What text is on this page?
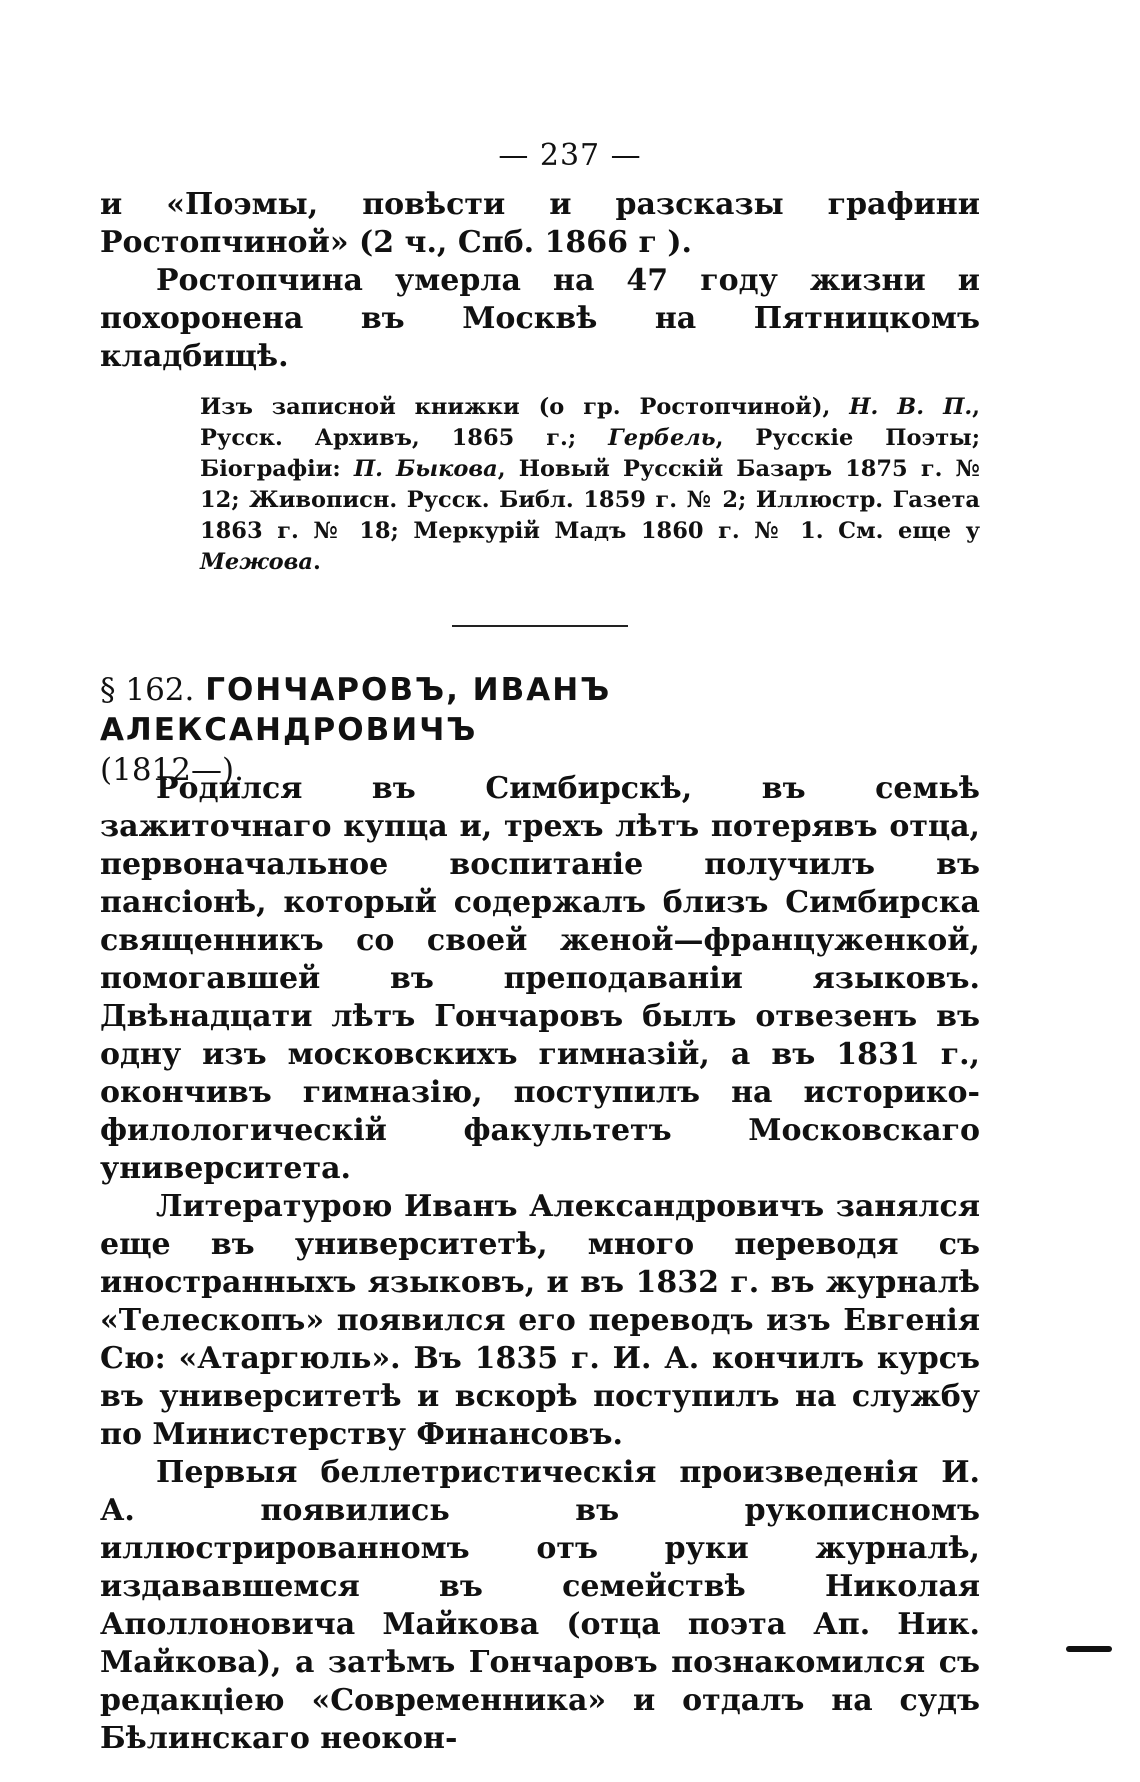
— 237 —

и «Поэмы, повѣсти и разсказы графини Ростопчиной» (2 ч., Спб. 1866 г ).

Ростопчина умерла на 47 году жизни и похоронена въ Москвѣ на Пятницкомъ кладбищѣ.

Изъ записной книжки (о гр. Ростопчиной), Н. В. П., Русск. Архивъ, 1865 г.; Гербель, Русскіе Поэты; Біографіи: П. Быкова, Новый Русскій Базаръ 1875 г. № 12; Живописн. Русск. Библ. 1859 г. № 2; Иллюстр. Газета 1863 г. № 18; Меркурій Мадъ 1860 г. № 1. См. еще у Межова.
§ 162. ГОНЧАРОВЪ, ИВАНЪ АЛЕКСАНДРОВИЧЪ
(1812—).

Родился въ Симбирскѣ, въ семьѣ зажиточнаго купца и, трехъ лѣтъ потерявъ отца, первоначальное воспитаніе получилъ въ пансіонѣ, который содержалъ близъ Симбирска священникъ со своей женой—француженкой, помогавшей въ преподаваніи языковъ. Двѣнадцати лѣтъ Гончаровъ былъ отвезенъ въ одну изъ московскихъ гимназій, а въ 1831 г., окончивъ гимназію, поступилъ на историко-филологическій факультетъ Московскаго университета.

Литературою Иванъ Александровичъ занялся еще въ университетѣ, много переводя съ иностранныхъ языковъ, и въ 1832 г. въ журналѣ «Телескопъ» появился его переводъ изъ Евгенія Сю: «Атаргюль». Въ 1835 г. И. А. кончилъ курсъ въ университетѣ и вскорѣ поступилъ на службу по Министерству Финансовъ.

Первыя беллетристическія произведенія И. А. появились въ рукописномъ иллюстрированномъ отъ руки журналѣ, издававшемся въ семействѣ Николая Аполлоновича Майкова (отца поэта Ап. Ник. Майкова), а затѣмъ Гончаровъ познакомился съ редакціею «Современника» и отдалъ на судъ Бѣлинскаго неокон-
